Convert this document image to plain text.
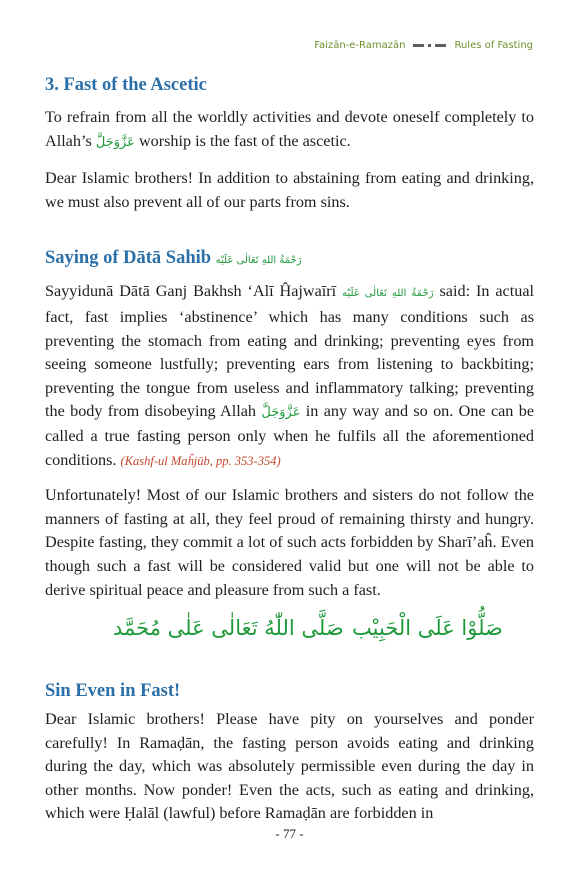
Faizān-e-Ramazān	Rules of Fasting
3. Fast of the Ascetic

To refrain from all the worldly activities and devote oneself completely to Allah’s عَزَّوَجَلَّ worship is the fast of the ascetic.

Dear Islamic brothers! In addition to abstaining from eating and drinking, we must also prevent all of our parts from sins.

Saying of Dātā Sahib رَحْمَةُ اللهِ تَعَالٰی عَلَیْه

Sayyidunā Dātā Ganj Bakhsh ‘Alī Ĥajwaīrī رَحْمَةُ اللهِ تَعَالٰی عَلَیْه said: In actual fact, fast implies ‘abstinence’ which has many conditions such as preventing the stomach from eating and drinking; preventing eyes from seeing someone lustfully; preventing ears from listening to backbiting; preventing the tongue from useless and inflammatory talking; preventing the body from disobeying Allah عَزَّوَجَلَّ in any way and so on. One can be called a true fasting person only when he fulfils all the aforementioned conditions. (Kashf-ul Maĥjūb, pp. 353-354)

Unfortunately! Most of our Islamic brothers and sisters do not follow the manners of fasting at all, they feel proud of remaining thirsty and hungry. Despite fasting, they commit a lot of such acts forbidden by Sharī’aĥ. Even though such a fast will be considered valid but one will not be able to derive spiritual peace and pleasure from such a fast.

صَلَّى اللّٰهُ تَعَالٰى عَلٰى مُحَمَّد صَلُّوْا عَلَى الْحَبِيْب
Sin Even in Fast!

Dear Islamic brothers! Please have pity on yourselves and ponder carefully! In Ramaḍān, the fasting person avoids eating and drinking during the day, which was absolutely permissible even during the day in other months. Now ponder! Even the acts, such as eating and drinking, which were Ḥalāl (lawful) before Ramaḍān are forbidden in

- 77 -
